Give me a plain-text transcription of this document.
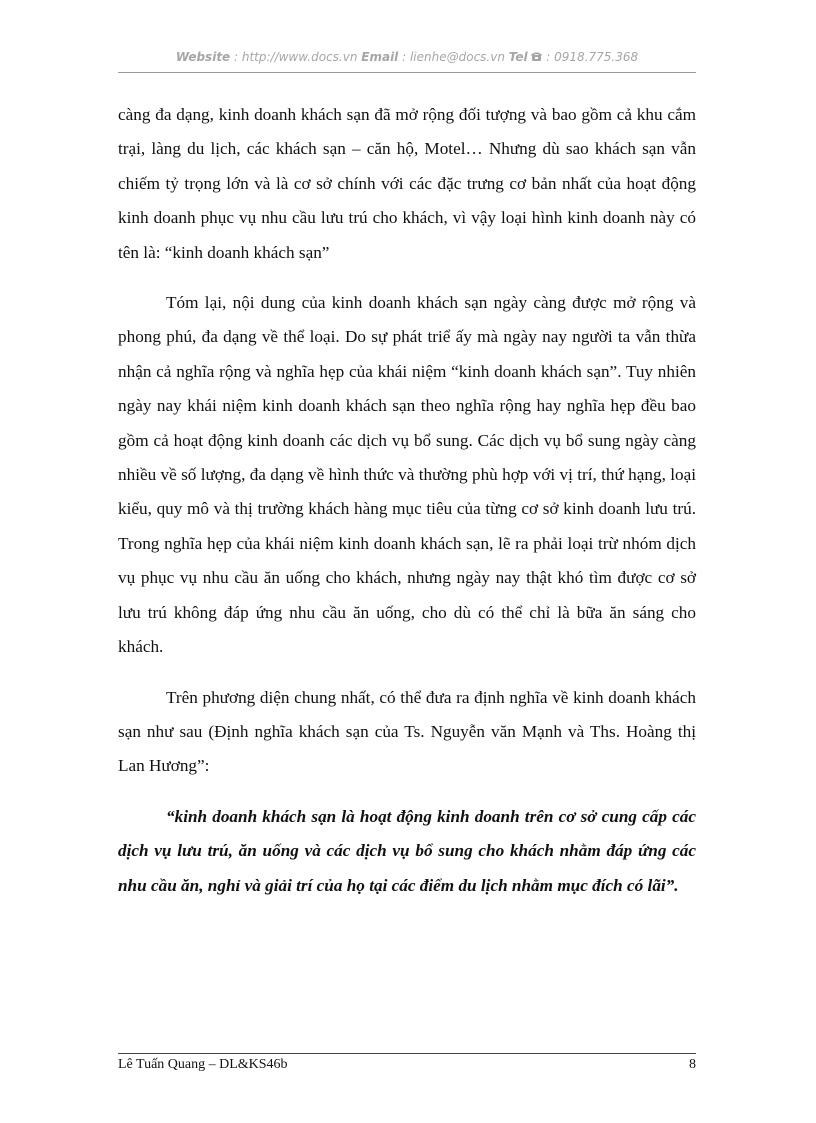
Website : http://www.docs.vn Email : lienhe@docs.vn Tel  : 0918.775.368

càng đa dạng, kinh doanh khách sạn đã mở rộng đối tượng và bao gồm cả khu cắm trại, làng du lịch, các khách sạn – căn hộ, Motel… Nhưng dù sao khách sạn vẫn chiếm tỷ trọng lớn và là cơ sở chính với các đặc trưng cơ bản nhất của hoạt động kinh doanh phục vụ nhu cầu lưu trú cho khách, vì vậy loại hình kinh doanh này có tên là: “kinh doanh khách sạn”

Tóm lại, nội dung của kinh doanh khách sạn ngày càng được mở rộng và phong phú, đa dạng về thể loại. Do sự phát triể ấy mà ngày nay người ta vẫn thừa nhận cả nghĩa rộng và nghĩa hẹp của khái niệm “kinh doanh khách sạn”. Tuy nhiên ngày nay khái niệm kinh doanh khách sạn theo nghĩa rộng hay nghĩa hẹp đều bao gồm cả hoạt động kinh doanh các dịch vụ bổ sung. Các dịch vụ bổ sung ngày càng nhiều về số lượng, đa dạng về hình thức và thường phù hợp với vị trí, thứ hạng, loại kiểu, quy mô và thị trường khách hàng mục tiêu của từng cơ sở kinh doanh lưu trú. Trong nghĩa hẹp của khái niệm kinh doanh khách sạn, lẽ ra phải loại trừ nhóm dịch vụ phục vụ nhu cầu ăn uống cho khách, nhưng ngày nay thật khó tìm được cơ sở lưu trú không đáp ứng nhu cầu ăn uống, cho dù có thể chỉ là bữa ăn sáng cho khách.

Trên phương diện chung nhất, có thể đưa ra định nghĩa về kinh doanh khách sạn như sau (Định nghĩa khách sạn của Ts. Nguyễn văn Mạnh và Ths. Hoàng thị Lan Hương”:

“kinh doanh khách sạn là hoạt động kinh doanh trên cơ sở cung cấp các dịch vụ lưu trú, ăn uống và các dịch vụ bổ sung cho khách nhằm đáp ứng các nhu cầu ăn, nghỉ và giải trí của họ tại các điểm du lịch nhằm mục đích có lãi”.

Lê Tuấn Quang – DL&KS46b	8
